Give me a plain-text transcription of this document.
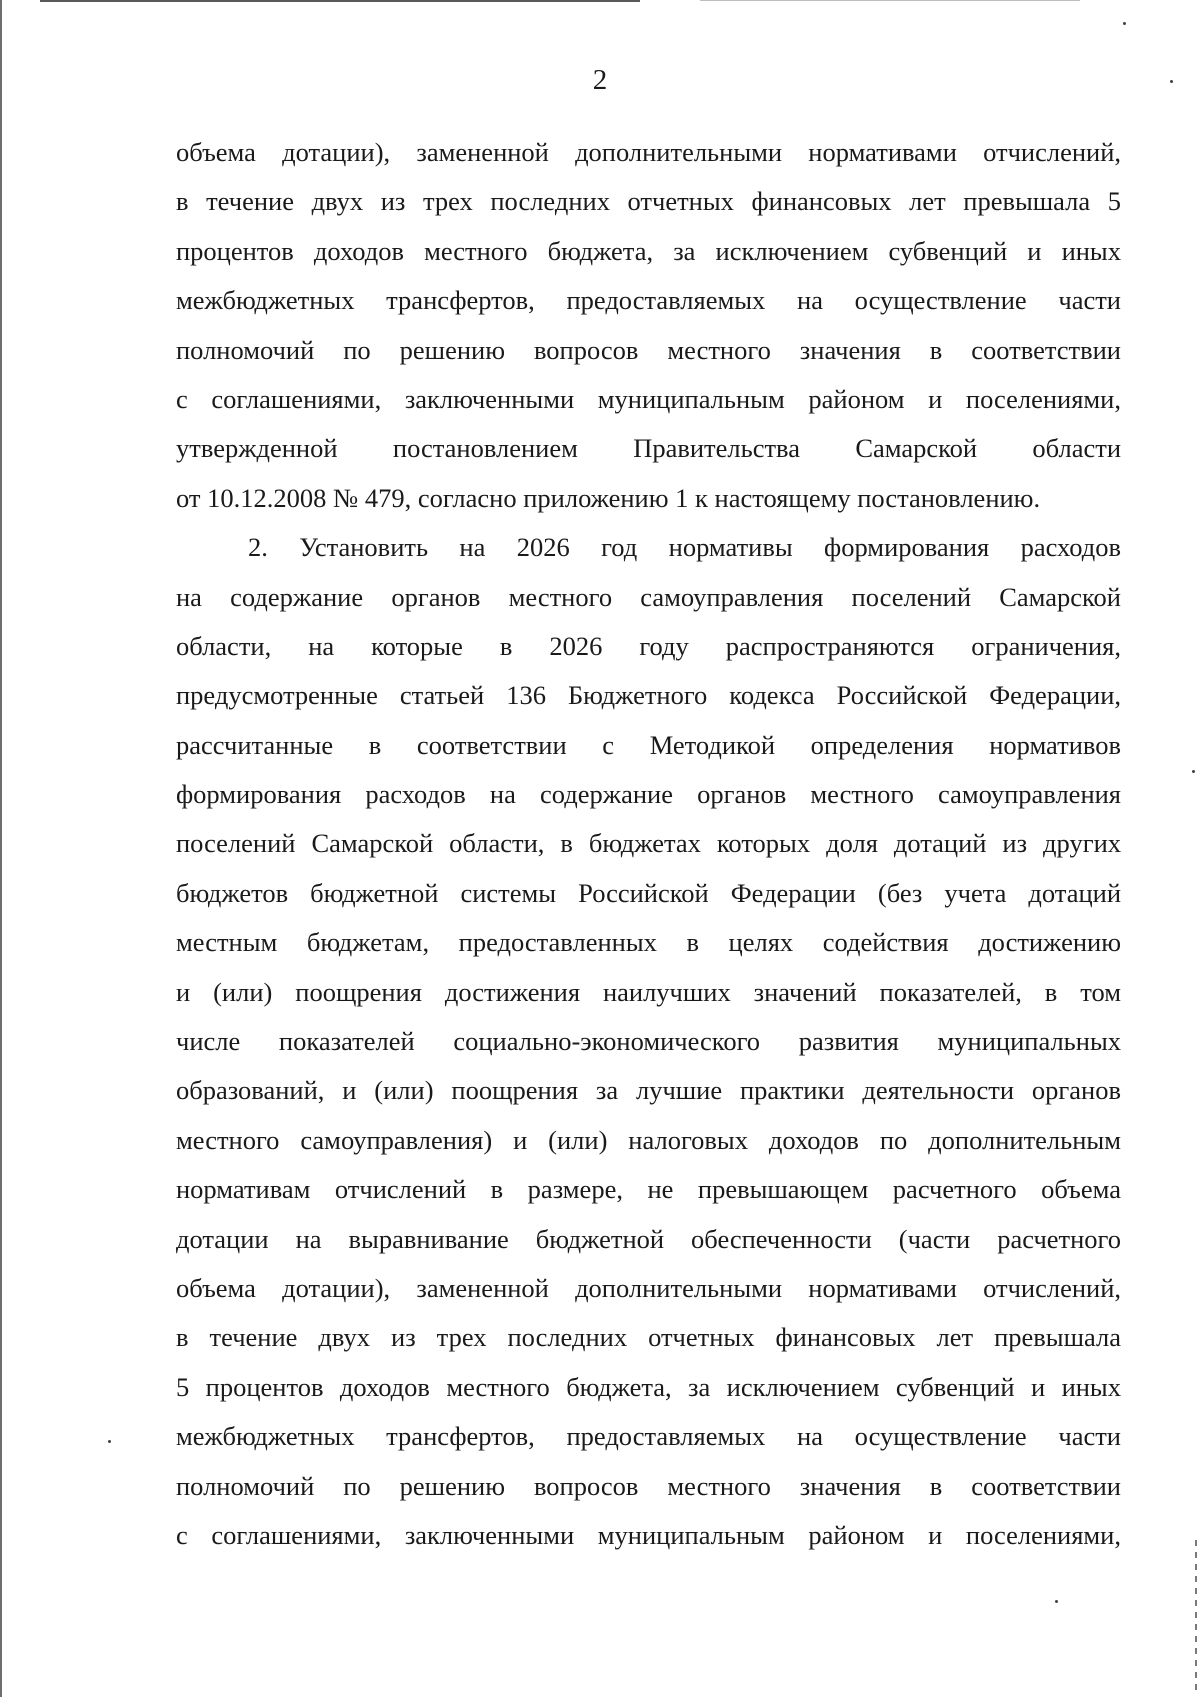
2
объема дотации), замененной дополнительными нормативами отчислений,
в течение двух из трех последних отчетных финансовых лет превышала 5
процентов доходов местного бюджета, за исключением субвенций и иных
межбюджетных трансфертов, предоставляемых на осуществление части
полномочий по решению вопросов местного значения в соответствии
с соглашениями, заключенными муниципальным районом и поселениями,
утвержденной постановлением Правительства Самарской области
от 10.12.2008 № 479, согласно приложению 1 к настоящему постановлению.
2. Установить на 2026 год нормативы формирования расходов
на содержание органов местного самоуправления поселений Самарской
области, на которые в 2026 году распространяются ограничения,
предусмотренные статьей 136 Бюджетного кодекса Российской Федерации,
рассчитанные в соответствии с Методикой определения нормативов
формирования расходов на содержание органов местного самоуправления
поселений Самарской области, в бюджетах которых доля дотаций из других
бюджетов бюджетной системы Российской Федерации (без учета дотаций
местным бюджетам, предоставленных в целях содействия достижению
и (или) поощрения достижения наилучших значений показателей, в том
числе показателей социально-экономического развития муниципальных
образований, и (или) поощрения за лучшие практики деятельности органов
местного самоуправления) и (или) налоговых доходов по дополнительным
нормативам отчислений в размере, не превышающем расчетного объема
дотации на выравнивание бюджетной обеспеченности (части расчетного
объема дотации), замененной дополнительными нормативами отчислений,
в течение двух из трех последних отчетных финансовых лет превышала
5 процентов доходов местного бюджета, за исключением субвенций и иных
межбюджетных трансфертов, предоставляемых на осуществление части
полномочий по решению вопросов местного значения в соответствии
с соглашениями, заключенными муниципальным районом и поселениями,
